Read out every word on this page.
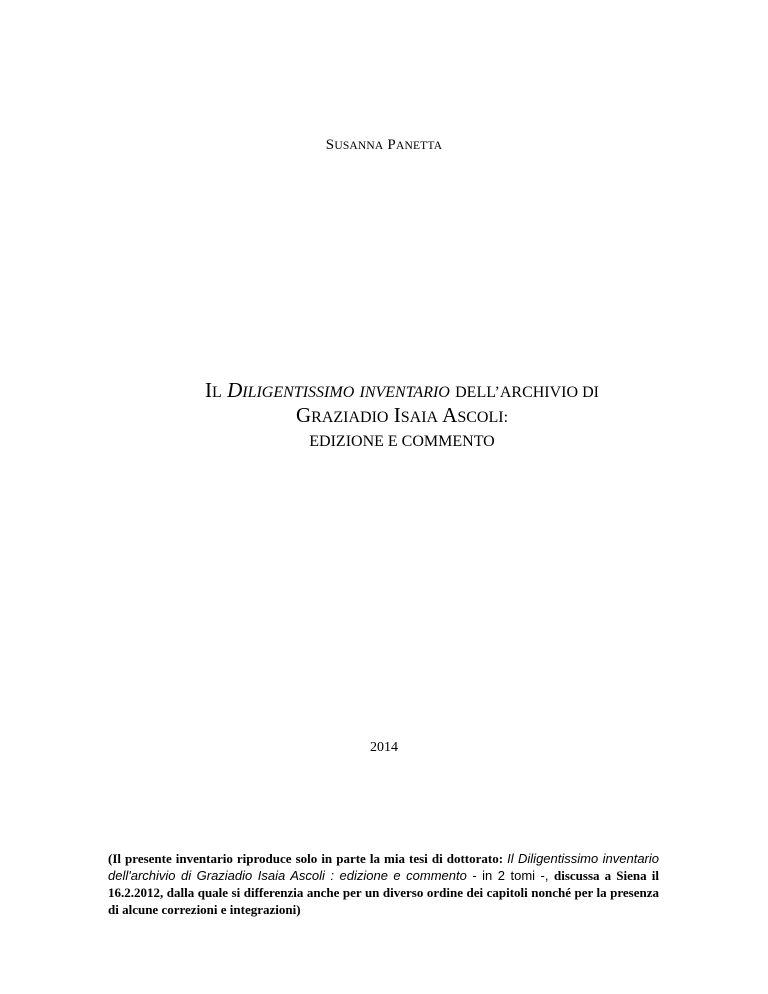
SUSANNA PANETTA
IL DILIGENTISSIMO INVENTARIO DELL’ARCHIVIO DI
GRAZIADIO ISAIA ASCOLI:
EDIZIONE E COMMENTO
2014
(Il presente inventario riproduce solo in parte la mia tesi di dottorato: Il Diligentissimo inventario dell'archivio di Graziadio Isaia Ascoli : edizione e commento - in 2 tomi -, discussa a Siena il 16.2.2012, dalla quale si differenzia anche per un diverso ordine dei capitoli nonché per la presenza di alcune correzioni e integrazioni)
